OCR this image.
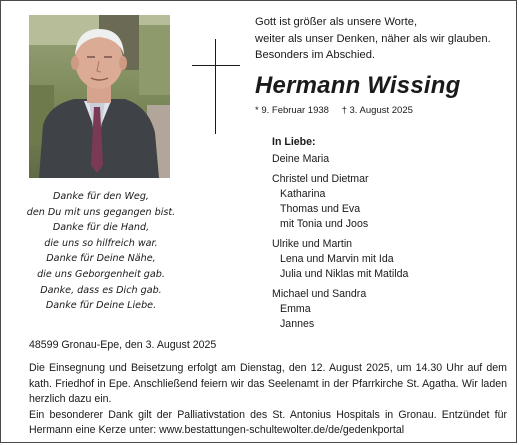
Gott ist größer als unsere Worte,
weiter als unser Denken, näher als wir glauben.
Besonders im Abschied.
Hermann Wissing
* 9. Februar 1938 † 3. August 2025
In Liebe:
Deine Maria
Christel und Dietmar
Katharina
Thomas und Eva
mit Tonia und Joos
Ulrike und Martin
Lena und Marvin mit Ida
Julia und Niklas mit Matilda
Michael und Sandra
Emma
Jannes
Danke für den Weg,
den Du mit uns gegangen bist.
Danke für die Hand,
die uns so hilfreich war.
Danke für Deine Nähe,
die uns Geborgenheit gab.
Danke, dass es Dich gab.
Danke für Deine Liebe.
48599 Gronau-Epe, den 3. August 2025

Die Einsegnung und Beisetzung erfolgt am Dienstag, den 12. August 2025, um 14.30 Uhr auf dem kath. Friedhof in Epe. Anschließend feiern wir das Seelenamt in der Pfarrkirche St. Agatha. Wir laden herzlich dazu ein.

Ein besonderer Dank gilt der Palliativstation des St. Antonius Hospitals in Gronau. Entzündet für Hermann eine Kerze unter: www.bestattungen-schultewolter.de/de/gedenkportal
